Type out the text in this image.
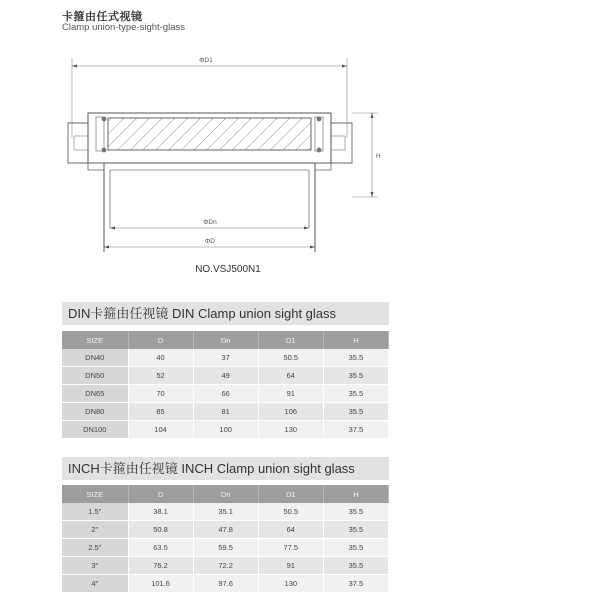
卡箍由任式视镜
Clamp union-type-sight-glass
ΦD1
ΦDn
ΦD
H
NO.VSJ500N1
DIN卡箍由任视镜 DIN Clamp union sight glass
SIZE	D	Dn	D1	H
DN40	40	37	50.5	35.5
DN50	52	49	64	35.5
DN65	70	66	91	35.5
DN80	85	81	106	35.5
DN100	104	100	130	37.5
INCH卡箍由任视镜 INCH Clamp union sight glass
SIZE	D	Dn	D1	H
1.5"	38.1	35.1	50.5	35.5
2"	50.8	47.8	64	35.5
2.5"	63.5	59.5	77.5	35.5
3"	76.2	72.2	91	35.5
4"	101.6	97.6	130	37.5
